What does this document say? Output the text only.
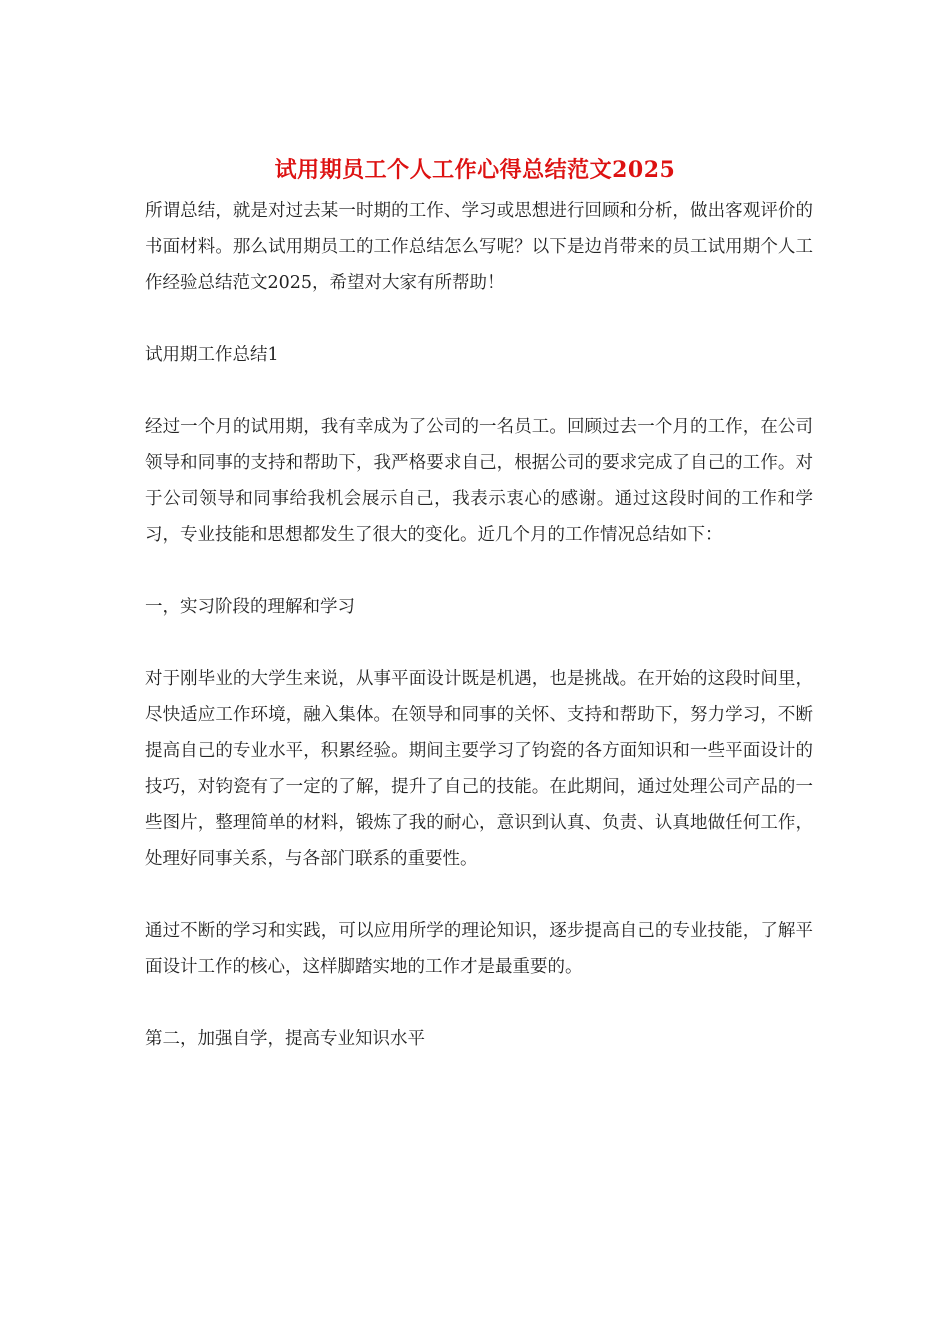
试用期员工个人工作心得总结范文2025

所谓总结，就是对过去某一时期的工作、学习或思想进行回顾和分析，做出客观评价的书面材料。那么试用期员工的工作总结怎么写呢？以下是边肖带来的员工试用期个人工作经验总结范文2025，希望对大家有所帮助！

试用期工作总结1

经过一个月的试用期，我有幸成为了公司的一名员工。回顾过去一个月的工作，在公司领导和同事的支持和帮助下，我严格要求自己，根据公司的要求完成了自己的工作。对于公司领导和同事给我机会展示自己，我表示衷心的感谢。通过这段时间的工作和学习，专业技能和思想都发生了很大的变化。近几个月的工作情况总结如下：

一，实习阶段的理解和学习

对于刚毕业的大学生来说，从事平面设计既是机遇，也是挑战。在开始的这段时间里，尽快适应工作环境，融入集体。在领导和同事的关怀、支持和帮助下，努力学习，不断提高自己的专业水平，积累经验。期间主要学习了钧瓷的各方面知识和一些平面设计的技巧，对钧瓷有了一定的了解，提升了自己的技能。在此期间，通过处理公司产品的一些图片，整理简单的材料，锻炼了我的耐心，意识到认真、负责、认真地做任何工作，处理好同事关系，与各部门联系的重要性。

通过不断的学习和实践，可以应用所学的理论知识，逐步提高自己的专业技能，了解平面设计工作的核心，这样脚踏实地的工作才是最重要的。

第二，加强自学，提高专业知识水平
